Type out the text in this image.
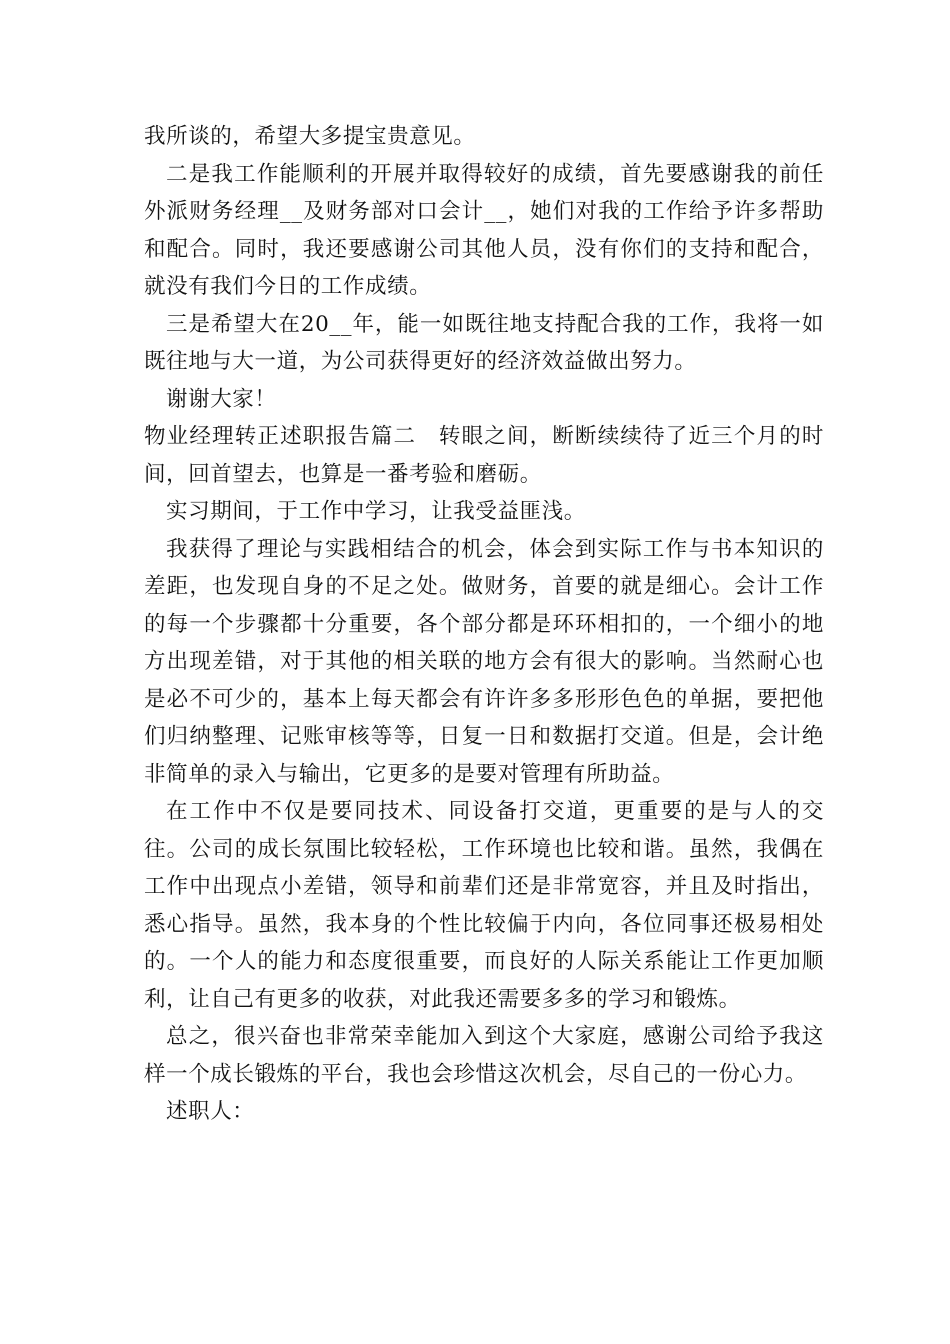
我所谈的，希望大多提宝贵意见。

二是我工作能顺利的开展并取得较好的成绩，首先要感谢我的前任外派财务经理__及财务部对口会计__，她们对我的工作给予许多帮助和配合。同时，我还要感谢公司其他人员，没有你们的支持和配合，就没有我们今日的工作成绩。

三是希望大在20__年，能一如既往地支持配合我的工作，我将一如既往地与大一道，为公司获得更好的经济效益做出努力。

谢谢大家！

物业经理转正述职报告篇二　转眼之间，断断续续待了近三个月的时间，回首望去，也算是一番考验和磨砺。

实习期间，于工作中学习，让我受益匪浅。

我获得了理论与实践相结合的机会，体会到实际工作与书本知识的差距，也发现自身的不足之处。做财务，首要的就是细心。会计工作的每一个步骤都十分重要，各个部分都是环环相扣的，一个细小的地方出现差错，对于其他的相关联的地方会有很大的影响。当然耐心也是必不可少的，基本上每天都会有许许多多形形色色的单据，要把他们归纳整理、记账审核等等，日复一日和数据打交道。但是，会计绝非简单的录入与输出，它更多的是要对管理有所助益。

在工作中不仅是要同技术、同设备打交道，更重要的是与人的交往。公司的成长氛围比较轻松，工作环境也比较和谐。虽然，我偶在工作中出现点小差错，领导和前辈们还是非常宽容，并且及时指出，悉心指导。虽然，我本身的个性比较偏于内向，各位同事还极易相处的。一个人的能力和态度很重要，而良好的人际关系能让工作更加顺利，让自己有更多的收获，对此我还需要多多的学习和锻炼。

总之，很兴奋也非常荣幸能加入到这个大家庭，感谢公司给予我这样一个成长锻炼的平台，我也会珍惜这次机会，尽自己的一份心力。

述职人：
